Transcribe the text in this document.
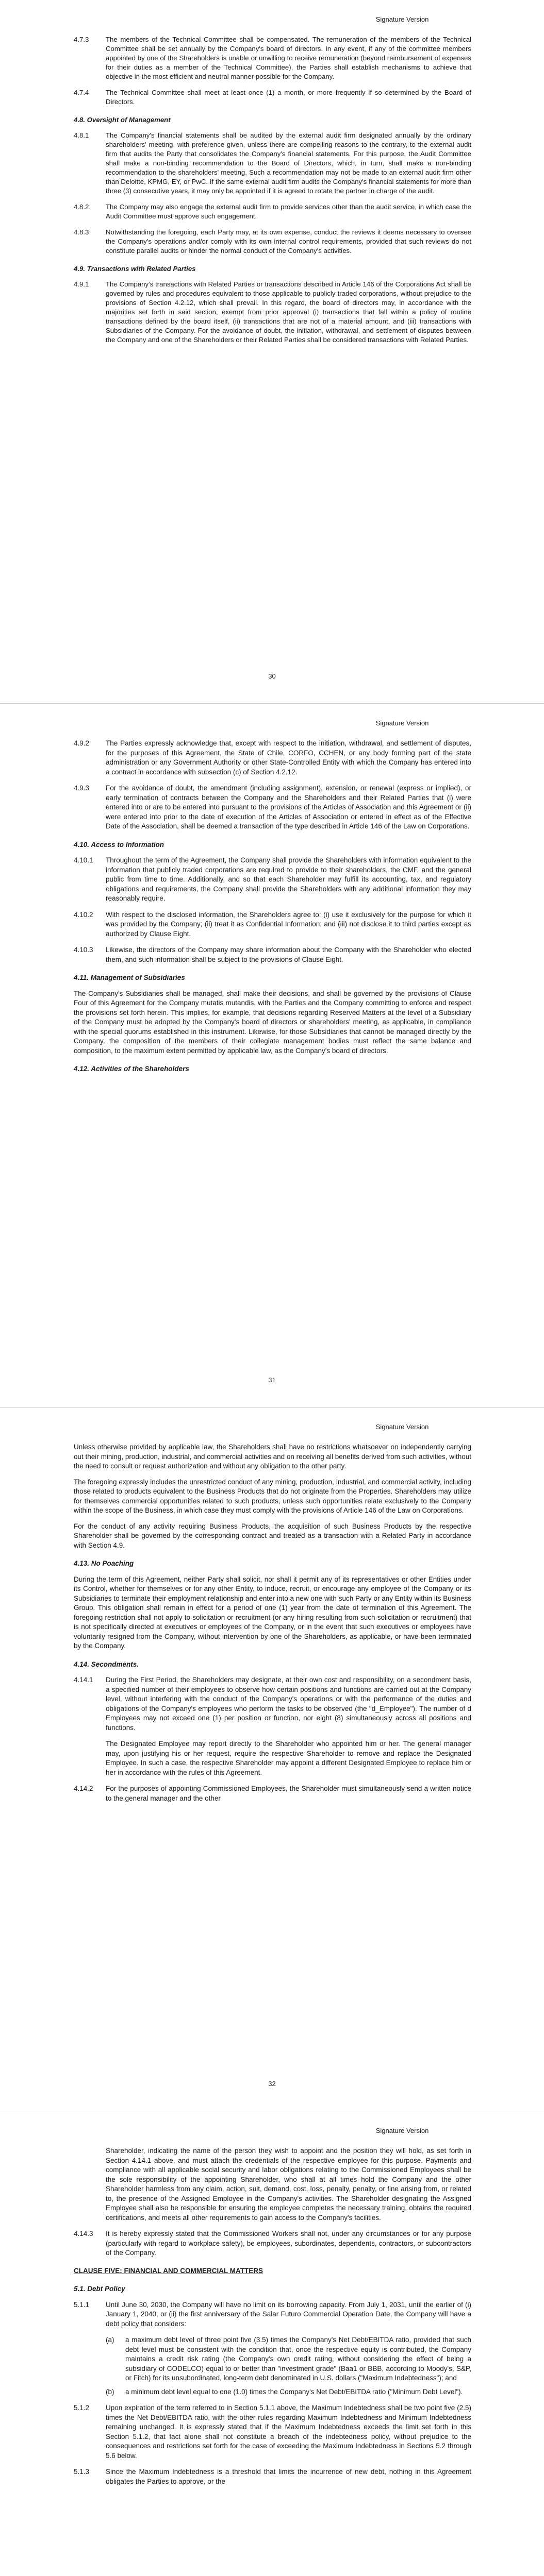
Signature Version
4.7.3	The members of the Technical Committee shall be compensated. The remuneration of the members of the Technical Committee shall be set annually by the Company's board of directors. In any event, if any of the committee members appointed by one of the Shareholders is unable or unwilling to receive remuneration (beyond reimbursement of expenses for their duties as a member of the Technical Committee), the Parties shall establish mechanisms to achieve that objective in the most efficient and neutral manner possible for the Company.
4.7.4	The Technical Committee shall meet at least once (1) a month, or more frequently if so determined by the Board of Directors.
4.8. Oversight of Management
4.8.1	The Company's financial statements shall be audited by the external audit firm designated annually by the ordinary shareholders' meeting, with preference given, unless there are compelling reasons to the contrary, to the external audit firm that audits the Party that consolidates the Company's financial statements. For this purpose, the Audit Committee shall make a non-binding recommendation to the Board of Directors, which, in turn, shall make a non-binding recommendation to the shareholders' meeting. Such a recommendation may not be made to an external audit firm other than Deloitte, KPMG, EY, or PwC. If the same external audit firm audits the Company's financial statements for more than three (3) consecutive years, it may only be appointed if it is agreed to rotate the partner in charge of the audit.
4.8.2	The Company may also engage the external audit firm to provide services other than the audit service, in which case the Audit Committee must approve such engagement.
4.8.3	Notwithstanding the foregoing, each Party may, at its own expense, conduct the reviews it deems necessary to oversee the Company's operations and/or comply with its own internal control requirements, provided that such reviews do not constitute parallel audits or hinder the normal conduct of the Company's activities.
4.9. Transactions with Related Parties
4.9.1	The Company's transactions with Related Parties or transactions described in Article 146 of the Corporations Act shall be governed by rules and procedures equivalent to those applicable to publicly traded corporations, without prejudice to the provisions of Section 4.2.12, which shall prevail. In this regard, the board of directors may, in accordance with the majorities set forth in said section, exempt from prior approval (i) transactions that fall within a policy of routine transactions defined by the board itself, (ii) transactions that are not of a material amount, and (iii) transactions with Subsidiaries of the Company. For the avoidance of doubt, the initiation, withdrawal, and settlement of disputes between the Company and one of the Shareholders or their Related Parties shall be considered transactions with Related Parties.
30
Signature Version
4.9.2	The Parties expressly acknowledge that, except with respect to the initiation, withdrawal, and settlement of disputes, for the purposes of this Agreement, the State of Chile, CORFO, CCHEN, or any body forming part of the state administration or any Government Authority or other State-Controlled Entity with which the Company has entered into a contract in accordance with subsection (c) of Section 4.2.12.
4.9.3	For the avoidance of doubt, the amendment (including assignment), extension, or renewal (express or implied), or early termination of contracts between the Company and the Shareholders and their Related Parties that (i) were entered into or are to be entered into pursuant to the provisions of the Articles of Association and this Agreement or (ii) were entered into prior to the date of execution of the Articles of Association or entered in effect as of the Effective Date of the Association, shall be deemed a transaction of the type described in Article 146 of the Law on Corporations.
4.10. Access to Information
4.10.1	Throughout the term of the Agreement, the Company shall provide the Shareholders with information equivalent to the information that publicly traded corporations are required to provide to their shareholders, the CMF, and the general public from time to time. Additionally, and so that each Shareholder may fulfill its accounting, tax, and regulatory obligations and requirements, the Company shall provide the Shareholders with any additional information they may reasonably require.
4.10.2	With respect to the disclosed information, the Shareholders agree to: (i) use it exclusively for the purpose for which it was provided by the Company; (ii) treat it as Confidential Information; and (iii) not disclose it to third parties except as authorized by Clause Eight.
4.10.3	Likewise, the directors of the Company may share information about the Company with the Shareholder who elected them, and such information shall be subject to the provisions of Clause Eight.
4.11. Management of Subsidiaries
The Company's Subsidiaries shall be managed, shall make their decisions, and shall be governed by the provisions of Clause Four of this Agreement for the Company mutatis mutandis, with the Parties and the Company committing to enforce and respect the provisions set forth herein. This implies, for example, that decisions regarding Reserved Matters at the level of a Subsidiary of the Company must be adopted by the Company's board of directors or shareholders' meeting, as applicable, in compliance with the special quorums established in this instrument. Likewise, for those Subsidiaries that cannot be managed directly by the Company, the composition of the members of their collegiate management bodies must reflect the same balance and composition, to the maximum extent permitted by applicable law, as the Company's board of directors.
4.12. Activities of the Shareholders
31
Signature Version
Unless otherwise provided by applicable law, the Shareholders shall have no restrictions whatsoever on independently carrying out their mining, production, industrial, and commercial activities and on receiving all benefits derived from such activities, without the need to consult or request authorization and without any obligation to the other party.
The foregoing expressly includes the unrestricted conduct of any mining, production, industrial, and commercial activity, including those related to products equivalent to the Business Products that do not originate from the Properties. Shareholders may utilize for themselves commercial opportunities related to such products, unless such opportunities relate exclusively to the Company within the scope of the Business, in which case they must comply with the provisions of Article 146 of the Law on Corporations.
For the conduct of any activity requiring Business Products, the acquisition of such Business Products by the respective Shareholder shall be governed by the corresponding contract and treated as a transaction with a Related Party in accordance with Section 4.9.
4.13. No Poaching
During the term of this Agreement, neither Party shall solicit, nor shall it permit any of its representatives or other Entities under its Control, whether for themselves or for any other Entity, to induce, recruit, or encourage any employee of the Company or its Subsidiaries to terminate their employment relationship and enter into a new one with such Party or any Entity within its Business Group. This obligation shall remain in effect for a period of one (1) year from the date of termination of this Agreement. The foregoing restriction shall not apply to solicitation or recruitment (or any hiring resulting from such solicitation or recruitment) that is not specifically directed at executives or employees of the Company, or in the event that such executives or employees have voluntarily resigned from the Company, without intervention by one of the Shareholders, as applicable, or have been terminated by the Company.
4.14. Secondments.
4.14.1	During the First Period, the Shareholders may designate, at their own cost and responsibility, on a secondment basis, a specified number of their employees to observe how certain positions and functions are carried out at the Company level, without interfering with the conduct of the Company's operations or with the performance of the duties and obligations of the Company's employees who perform the tasks to be observed (the "d_Employee"). The number of d Employees may not exceed one (1) per position or function, nor eight (8) simultaneously across all positions and functions.
The Designated Employee may report directly to the Shareholder who appointed him or her. The general manager may, upon justifying his or her request, require the respective Shareholder to remove and replace the Designated Employee. In such a case, the respective Shareholder may appoint a different Designated Employee to replace him or her in accordance with the rules of this Agreement.
4.14.2	For the purposes of appointing Commissioned Employees, the Shareholder must simultaneously send a written notice to the general manager and the other
32
Signature Version
Shareholder, indicating the name of the person they wish to appoint and the position they will hold, as set forth in Section 4.14.1 above, and must attach the credentials of the respective employee for this purpose. Payments and compliance with all applicable social security and labor obligations relating to the Commissioned Employees shall be the sole responsibility of the appointing Shareholder, who shall at all times hold the Company and the other Shareholder harmless from any claim, action, suit, demand, cost, loss, penalty, penalty, or fine arising from, or related to, the presence of the Assigned Employee in the Company's activities. The Shareholder designating the Assigned Employee shall also be responsible for ensuring the employee completes the necessary training, obtains the required certifications, and meets all other requirements to gain access to the Company's facilities.
4.14.3	It is hereby expressly stated that the Commissioned Workers shall not, under any circumstances or for any purpose (particularly with regard to workplace safety), be employees, subordinates, dependents, contractors, or subcontractors of the Company.
CLAUSE FIVE: FINANCIAL AND COMMERCIAL MATTERS
5.1. Debt Policy
5.1.1	Until June 30, 2030, the Company will have no limit on its borrowing capacity. From July 1, 2031, until the earlier of (i) January 1, 2040, or (ii) the first anniversary of the Salar Futuro Commercial Operation Date, the Company will have a debt policy that considers:
(a)	a maximum debt level of three point five (3.5) times the Company's Net Debt/EBITDA ratio, provided that such debt level must be consistent with the condition that, once the respective equity is contributed, the Company maintains a credit risk rating (the Company's own credit rating, without considering the effect of being a subsidiary of CODELCO) equal to or better than "investment grade" (Baa1 or BBB, according to Moody's, S&P, or Fitch) for its unsubordinated, long-term debt denominated in U.S. dollars ("Maximum Indebtedness"); and
(b)	a minimum debt level equal to one (1.0) times the Company's Net Debt/EBITDA ratio ("Minimum Debt Level").
5.1.2	Upon expiration of the term referred to in Section 5.1.1 above, the Maximum Indebtedness shall be two point five (2.5) times the Net Debt/EBITDA ratio, with the other rules regarding Maximum Indebtedness and Minimum Indebtedness remaining unchanged. It is expressly stated that if the Maximum Indebtedness exceeds the limit set forth in this Section 5.1.2, that fact alone shall not constitute a breach of the indebtedness policy, without prejudice to the consequences and restrictions set forth for the case of exceeding the Maximum Indebtedness in Sections 5.2 through 5.6 below.
5.1.3	Since the Maximum Indebtedness is a threshold that limits the incurrence of new debt, nothing in this Agreement obligates the Parties to approve, or the
